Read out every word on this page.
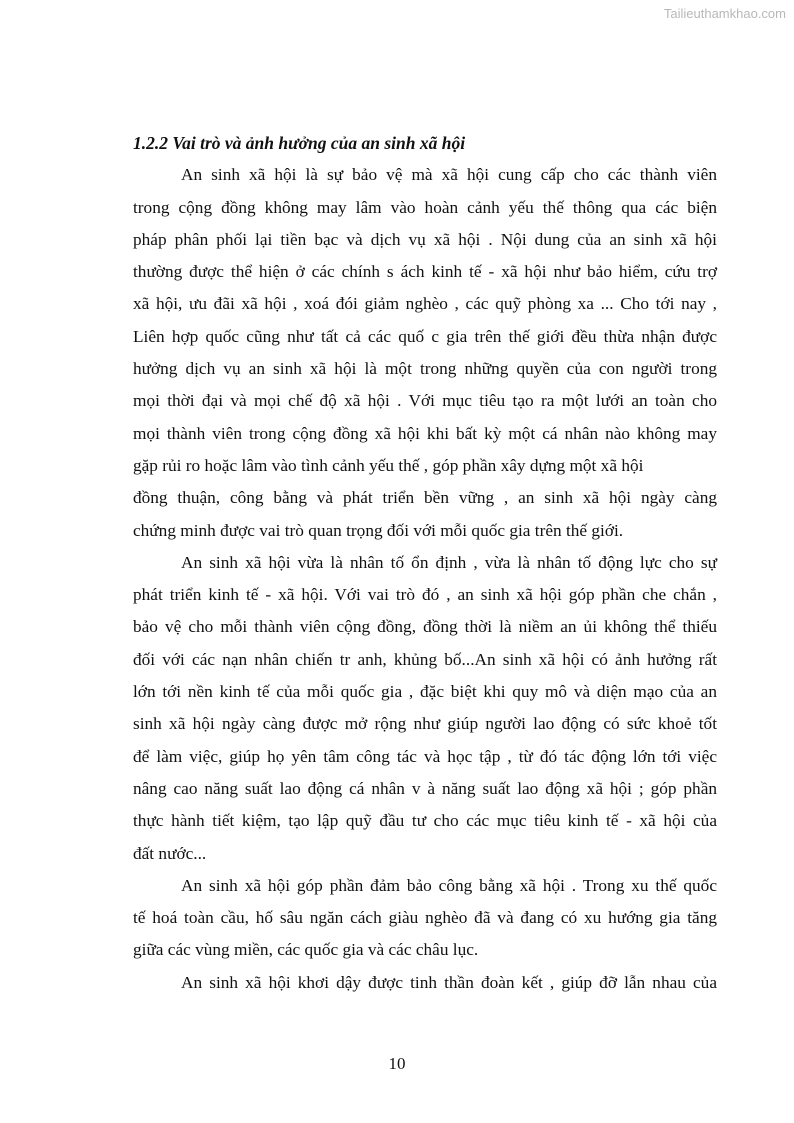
Tailieuthamkhao.com
1.2.2 Vai trò và ảnh hưởng của an sinh xã hội
An sinh xã hội là sự bảo vệ mà xã hội cung cấp cho các thành viên
trong cộng đồng không may lâm vào hoàn cảnh yếu thế thông qua các biện
pháp phân phối lại tiền bạc và dịch vụ xã hội . Nội dung của an sinh xã hội
thường được thể hiện ở các chính s ách kinh tế - xã hội như bảo hiểm, cứu trợ
xã hội, ưu đãi xã hội , xoá đói giảm nghèo , các quỹ phòng xa ... Cho tới nay ,
Liên hợp quốc cũng như tất cả các quố c gia trên thế giới đều thừa nhận được
hưởng dịch vụ an sinh xã hội là một trong những quyền của con người trong
mọi thời đại và mọi chế độ xã hội . Với mục tiêu tạo ra một lưới an toàn cho
mọi thành viên trong cộng đồng xã hội khi bất kỳ một cá nhân nào không may
gặp rủi ro hoặc lâm vào tình cảnh yếu thế , góp phần xây dựng một xã hội
đồng thuận, công bằng và phát triển bền vững , an sinh xã hội ngày càng
chứng minh được vai trò quan trọng đối với mỗi quốc gia trên thế giới.
An sinh xã hội vừa là nhân tố ổn định , vừa là nhân tố động lực cho sự
phát triển kinh tế - xã hội. Với vai trò đó , an sinh xã hội góp phần che chắn ,
bảo vệ cho mỗi thành viên cộng đồng, đồng thời là niềm an ủi không thể thiếu
đối với các nạn nhân chiến tr anh, khủng bố...An sinh xã hội có ảnh hưởng rất
lớn tới nền kinh tế của mỗi quốc gia , đặc biệt khi quy mô và diện mạo của an
sinh xã hội ngày càng được mở rộng như giúp người lao động có sức khoẻ tốt
để làm việc, giúp họ yên tâm công tác và học tập , từ đó tác động lớn tới việc
nâng cao năng suất lao động cá nhân v à năng suất lao động xã hội ; góp phần
thực hành tiết kiệm, tạo lập quỹ đầu tư cho các mục tiêu kinh tế - xã hội của
đất nước...
An sinh xã hội góp phần đảm bảo công bằng xã hội . Trong xu thế quốc
tế hoá toàn cầu, hố sâu ngăn cách giàu nghèo đã và đang có xu hướng gia tăng
giữa các vùng miền, các quốc gia và các châu lục.
An sinh xã hội khơi dậy được tinh thần đoàn kết , giúp đỡ lẫn nhau của
10
